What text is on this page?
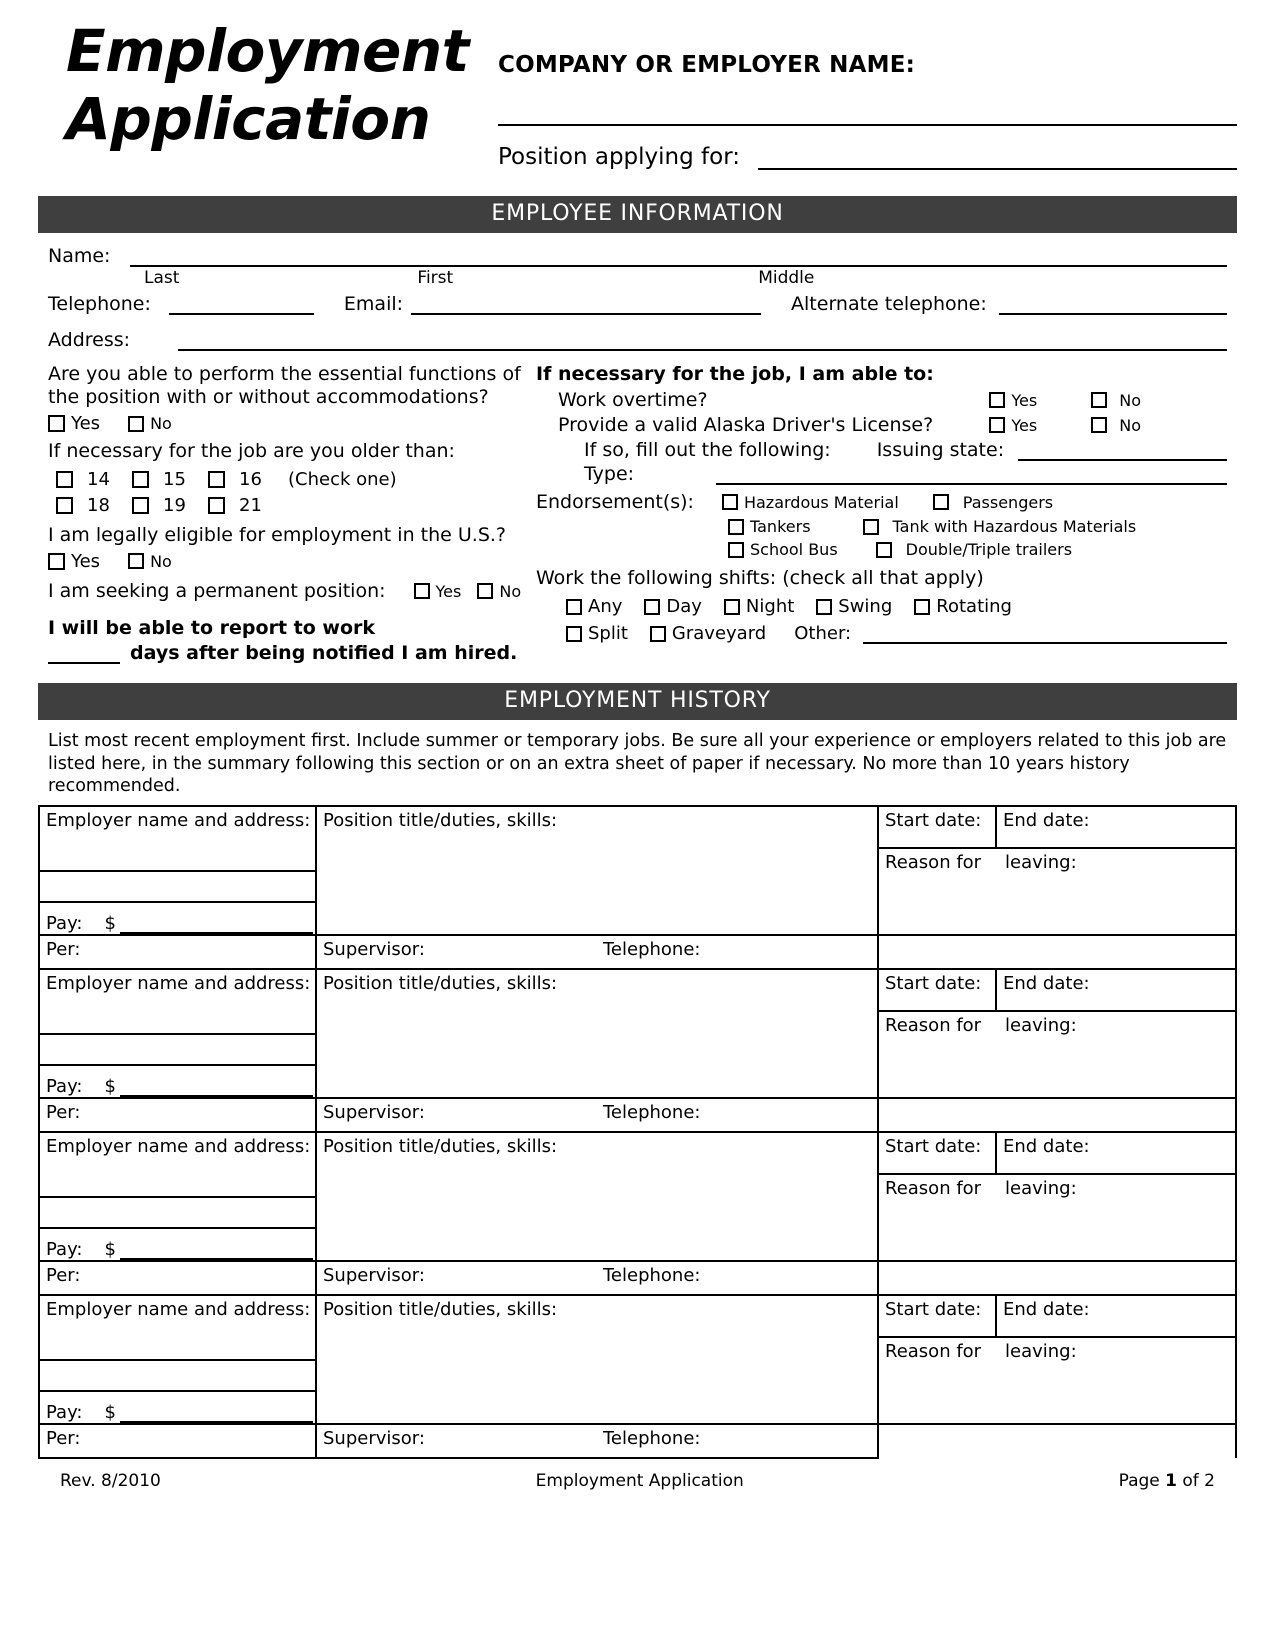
Employment
Application
COMPANY OR EMPLOYER NAME:
Position applying for:
EMPLOYEE INFORMATION
Name:
Last	First	Middle
Telephone:	Email:	Alternate telephone:
Address:
Are you able to perform the essential functions of the position with or without accommodations?
Yes	No
If necessary for the job are you older than:
14	15	16 (Check one)
18	19	21
I am legally eligible for employment in the U.S.?
Yes	No
I am seeking a permanent position:	Yes No
I will be able to report to work
days after being notified I am hired.
If necessary for the job, I am able to:
Work overtime?	Yes	No
Provide a valid Alaska Driver's License?	Yes	No
If so, fill out the following: Issuing state:
Type:
Endorsement(s):	Hazardous Material	Passengers
Tankers	Tank with Hazardous Materials
School Bus	Double/Triple trailers
Work the following shifts: (check all that apply)
Any Day Night Swing Rotating
Split Graveyard Other:
EMPLOYMENT HISTORY
List most recent employment first. Include summer or temporary jobs. Be sure all your experience or employers related to this job are listed here, in the summary following this section or on an extra sheet of paper if necessary. No more than 10 years history recommended.
Employer name and address:
Pay: $	Position title/duties, skills:	Start date:	End date:

		Reason for leaving:	

Per:	Supervisor: Telephone:		

Employer name and address:
Pay: $	Position title/duties, skills:	Start date:	End date:

		Reason for leaving:	

Per:	Supervisor: Telephone:		

Employer name and address:
Pay: $	Position title/duties, skills:	Start date:	End date:

		Reason for leaving:	

Per:	Supervisor: Telephone:		

Employer name and address:
Pay: $	Position title/duties, skills:	Start date:	End date:

		Reason for leaving:	

Per:	Supervisor: Telephone:		

Rev. 8/2010	Employment Application	Page 1 of 2
